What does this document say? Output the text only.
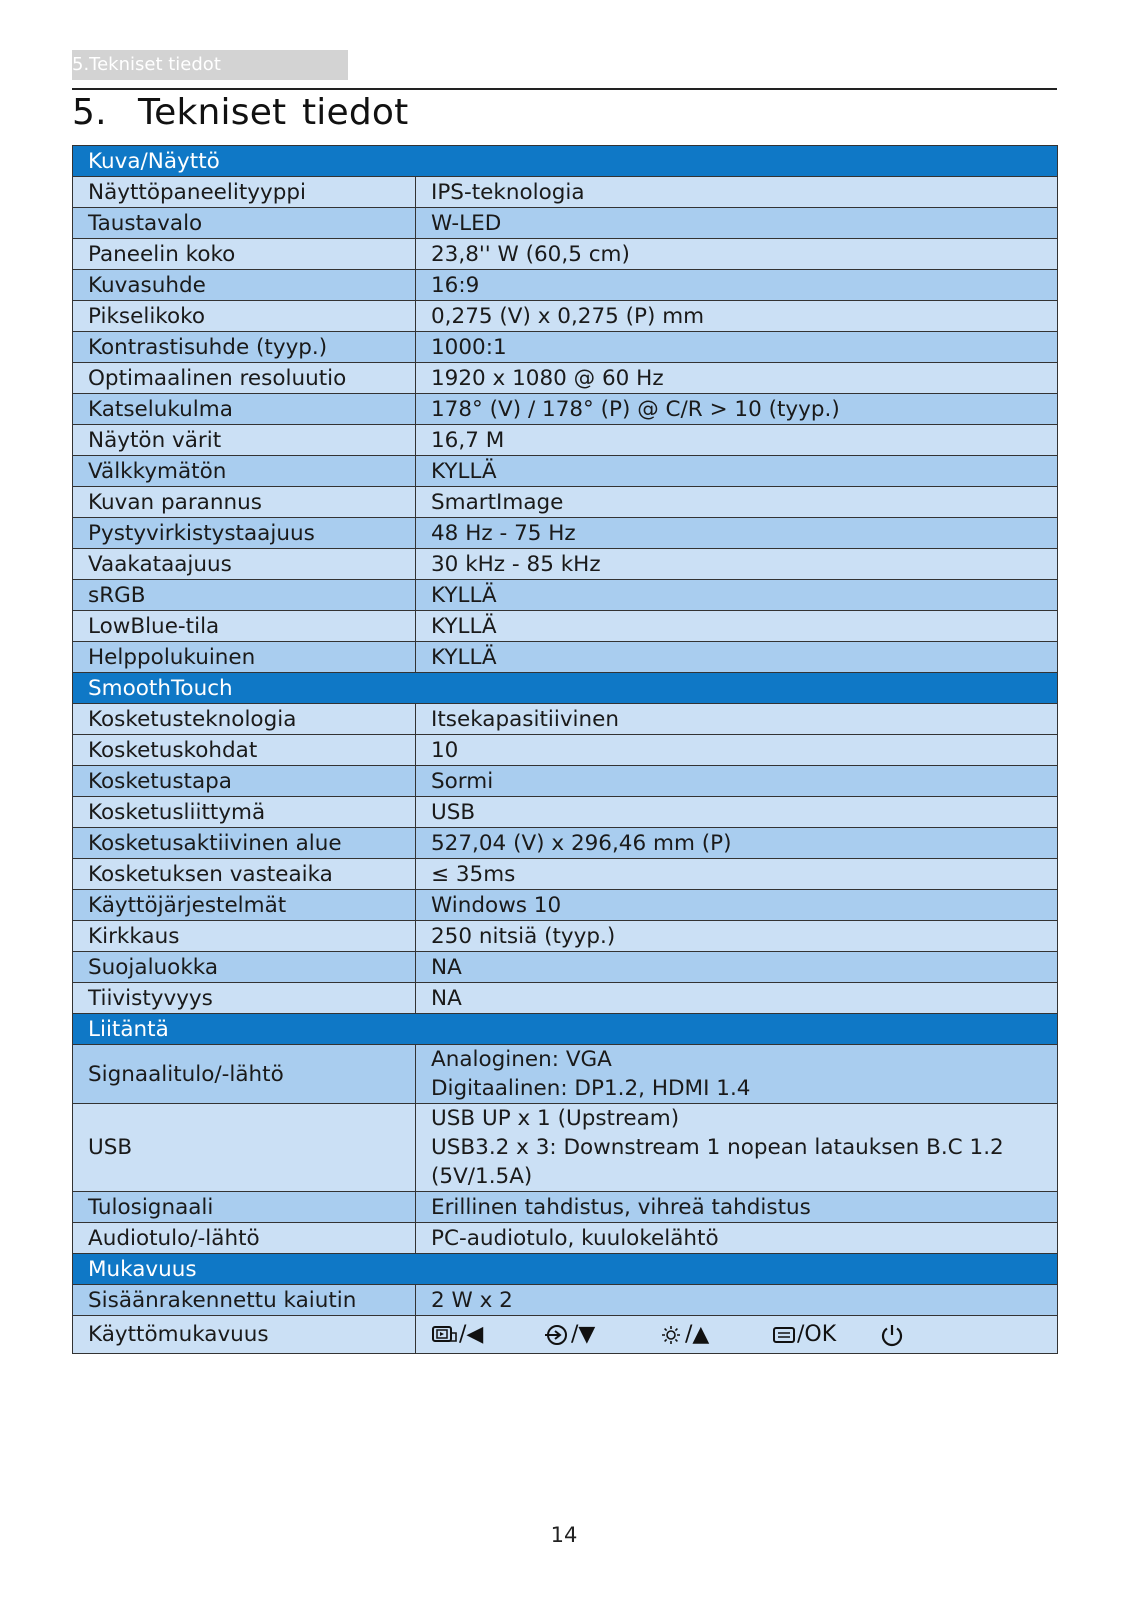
5.Tekniset tiedot
5. Tekniset tiedot
Kuva/Näyttö	
Näyttöpaneelityyppi	IPS-teknologia
Taustavalo	W-LED
Paneelin koko	23,8'' W (60,5 cm)
Kuvasuhde	16:9
Pikselikoko	0,275 (V) x 0,275 (P) mm
Kontrastisuhde (tyyp.)	1000:1
Optimaalinen resoluutio	1920 x 1080 @ 60 Hz
Katselukulma	178° (V) / 178° (P) @ C/R > 10 (tyyp.)
Näytön värit	16,7 M
Välkkymätön	KYLLÄ
Kuvan parannus	SmartImage
Pystyvirkistystaajuus	48 Hz - 75 Hz
Vaakataajuus	30 kHz - 85 kHz
sRGB	KYLLÄ
LowBlue-tila	KYLLÄ
Helppolukuinen	KYLLÄ
SmoothTouch	
Kosketusteknologia	Itsekapasitiivinen
Kosketuskohdat	10
Kosketustapa	Sormi
Kosketusliittymä	USB
Kosketusaktiivinen alue	527,04 (V) x 296,46 mm (P)
Kosketuksen vasteaika	≤ 35ms
Käyttöjärjestelmät	Windows 10
Kirkkaus	250 nitsiä (tyyp.)
Suojaluokka	NA
Tiivistyvyys	NA
Liitäntä	
Signaalitulo/-lähtö	Analoginen: VGA
Digitaalinen: DP1.2, HDMI 1.4

USB	USB UP x 1 (Upstream)
USB3.2 x 3: Downstream 1 nopean latauksen B.C 1.2
(5V/1.5A)

Tulosignaali	Erillinen tahdistus, vihreä tahdistus
Audiotulo/-lähtö	PC-audiotulo, kuulokelähtö
Mukavuus	
Sisäänrakennettu kaiutin	2 W x 2
Käyttömukavuus	/◀ /▼ /▲ /OK
14
